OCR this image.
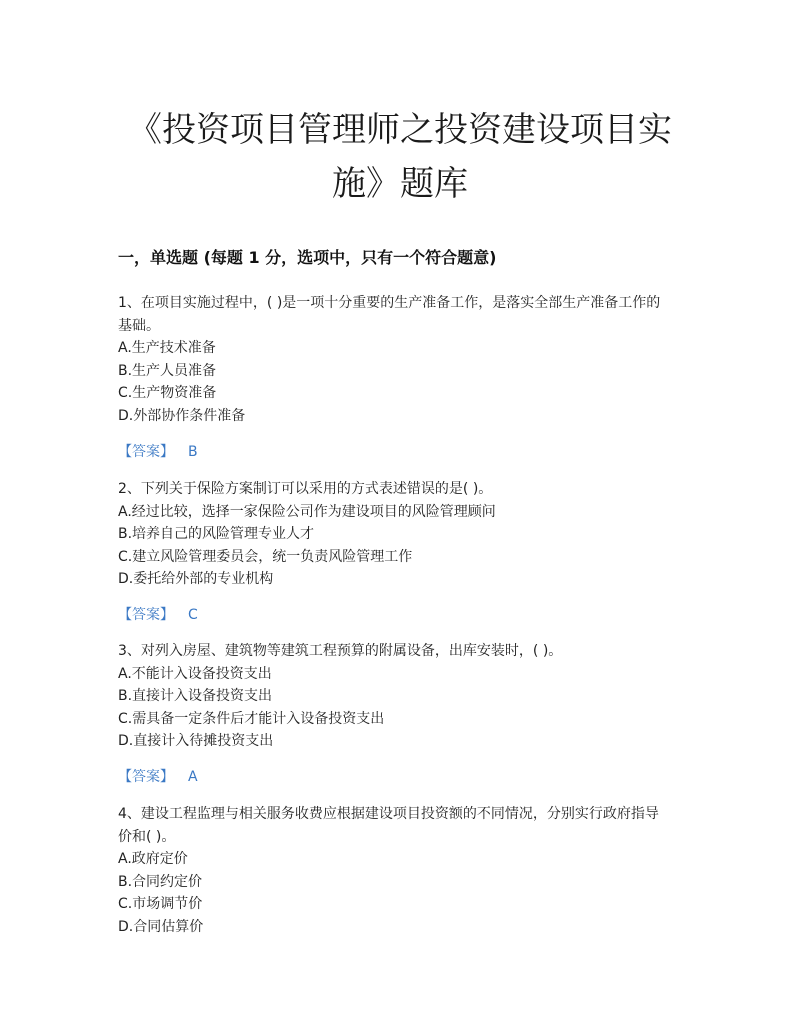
《投资项目管理师之投资建设项目实
施》题库
一，单选题 (每题 1 分，选项中，只有一个符合题意)

1、在项目实施过程中，( )是一项十分重要的生产准备工作，是落实全部生产准备工作的

基础。

A.生产技术准备

B.生产人员准备

C.生产物资准备

D.外部协作条件准备

【答案】 B

2、下列关于保险方案制订可以采用的方式表述错误的是( )。

A.经过比较，选择一家保险公司作为建设项目的风险管理顾问

B.培养自己的风险管理专业人才

C.建立风险管理委员会，统一负责风险管理工作

D.委托给外部的专业机构

【答案】 C

3、对列入房屋、建筑物等建筑工程预算的附属设备，出库安装时，( )。

A.不能计入设备投资支出

B.直接计入设备投资支出

C.需具备一定条件后才能计入设备投资支出

D.直接计入待摊投资支出

【答案】 A

4、建设工程监理与相关服务收费应根据建设项目投资额的不同情况，分别实行政府指导

价和( )。

A.政府定价

B.合同约定价

C.市场调节价

D.合同估算价
